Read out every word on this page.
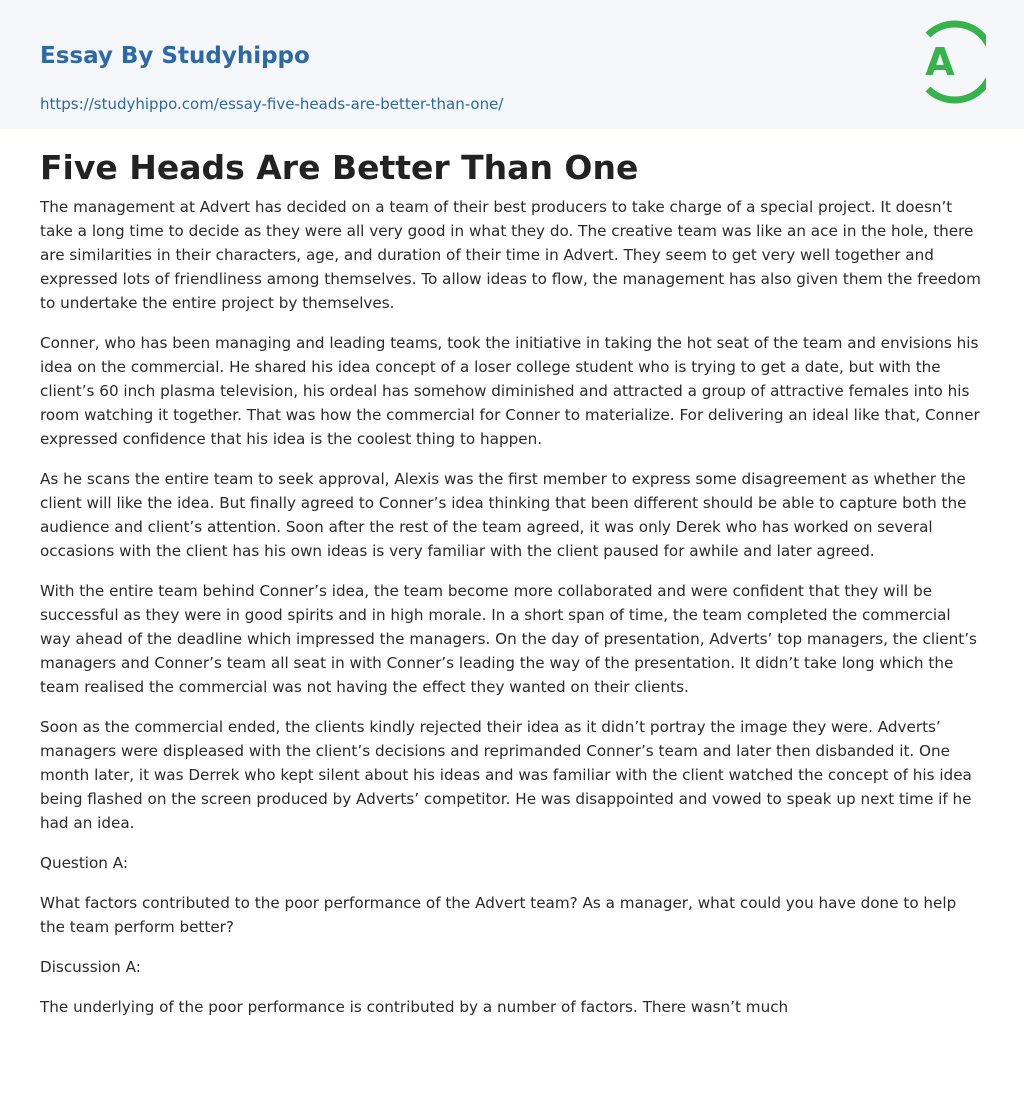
Essay By Studyhippo
https://studyhippo.com/essay-five-heads-are-better-than-one/
A
Five Heads Are Better Than One

The management at Advert has decided on a team of their best producers to take charge of a special project. It doesn’t take a long time to decide as they were all very good in what they do. The creative team was like an ace in the hole, there are similarities in their characters, age, and duration of their time in Advert. They seem to get very well together and expressed lots of friendliness among themselves. To allow ideas to flow, the management has also given them the freedom to undertake the entire project by themselves.

Conner, who has been managing and leading teams, took the initiative in taking the hot seat of the team and envisions his idea on the commercial. He shared his idea concept of a loser college student who is trying to get a date, but with the client’s 60 inch plasma television, his ordeal has somehow diminished and attracted a group of attractive females into his room watching it together. That was how the commercial for Conner to materialize. For delivering an ideal like that, Conner expressed confidence that his idea is the coolest thing to happen.

As he scans the entire team to seek approval, Alexis was the first member to express some disagreement as whether the client will like the idea. But finally agreed to Conner’s idea thinking that been different should be able to capture both the audience and client’s attention. Soon after the rest of the team agreed, it was only Derek who has worked on several occasions with the client has his own ideas is very familiar with the client paused for awhile and later agreed.

With the entire team behind Conner’s idea, the team become more collaborated and were confident that they will be successful as they were in good spirits and in high morale. In a short span of time, the team completed the commercial way ahead of the deadline which impressed the managers. On the day of presentation, Adverts’ top managers, the client’s managers and Conner’s team all seat in with Conner’s leading the way of the presentation. It didn’t take long which the team realised the commercial was not having the effect they wanted on their clients.

Soon as the commercial ended, the clients kindly rejected their idea as it didn’t portray the image they were. Adverts’ managers were displeased with the client’s decisions and reprimanded Conner’s team and later then disbanded it. One month later, it was Derrek who kept silent about his ideas and was familiar with the client watched the concept of his idea being flashed on the screen produced by Adverts’ competitor. He was disappointed and vowed to speak up next time if he had an idea.

Question A:

What factors contributed to the poor performance of the Advert team? As a manager, what could you have done to help the team perform better?

Discussion A:

The underlying of the poor performance is contributed by a number of factors. There wasn’t much
